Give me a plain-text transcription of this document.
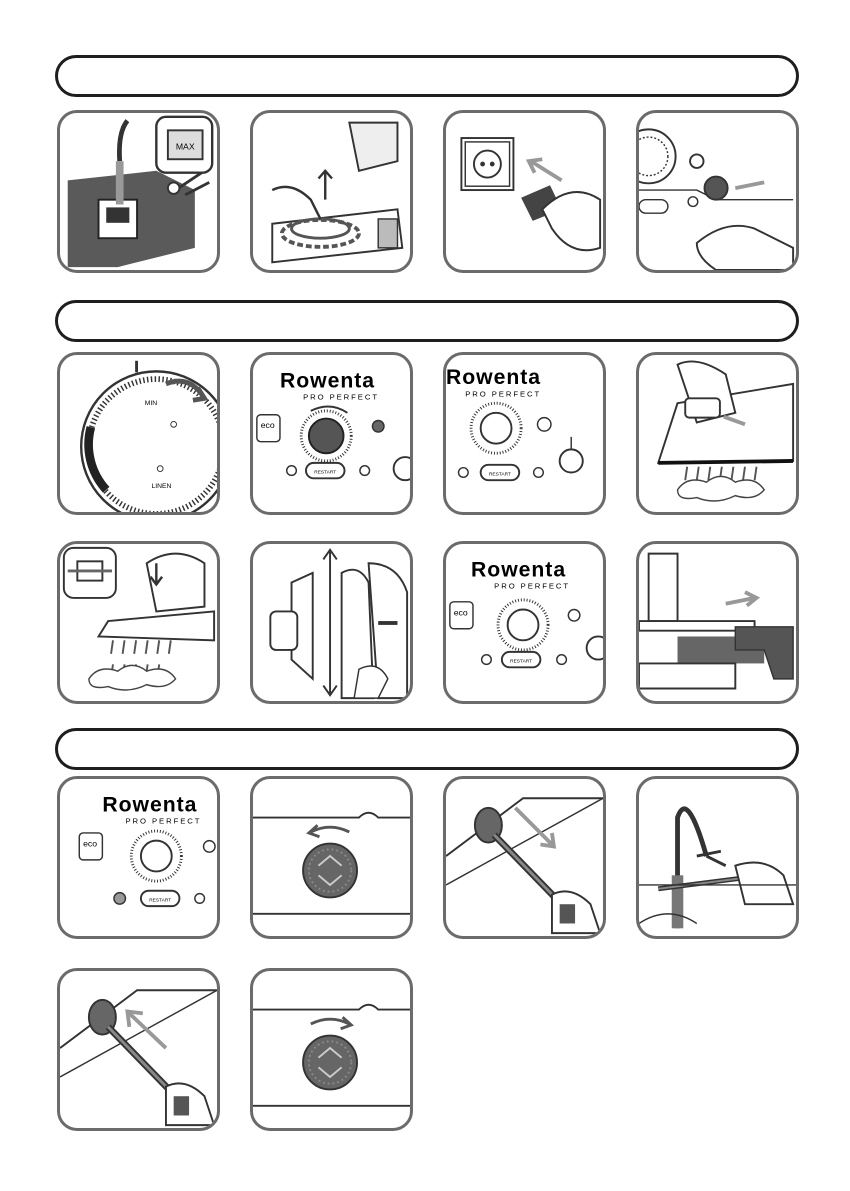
MAX
MIN
LINEN
Rowenta
PRO PERFECT
eco
RESTART
Rowenta
PRO PERFECT
RESTART
Rowenta
PRO PERFECT
eco
RESTART
Rowenta
PRO PERFECT
eco
RESTART
